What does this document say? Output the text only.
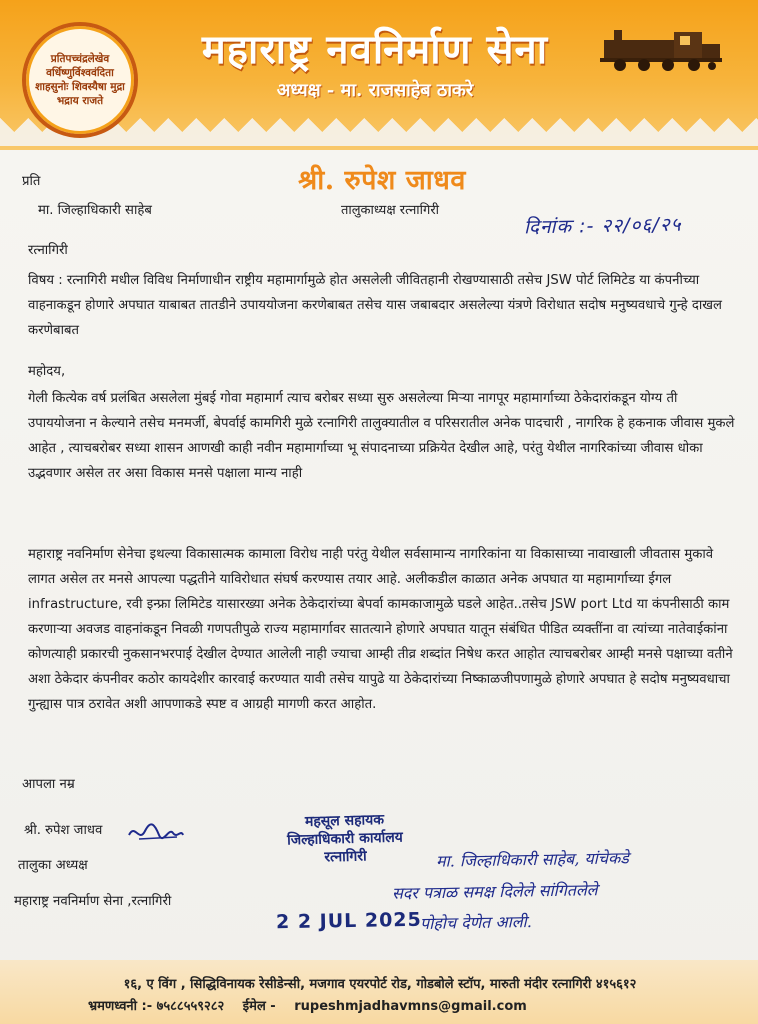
प्रतिपच्चंद्रलेखेव वर्धिष्णुर्विश्ववंदिता शाहसुनोः शिवस्यैषा मुद्रा भद्राय राजते
महाराष्ट्र नवनिर्माण सेना
अध्यक्ष - मा. राजसाहेब ठाकरे
श्री. रुपेश जाधव
तालुकाध्यक्ष रत्नागिरी
प्रति
मा. जिल्हाधिकारी साहेब
रत्नागिरी
दिनांक :- २२/०६/२५
विषय : रत्नागिरी मधील विविध निर्माणाधीन राष्ट्रीय महामार्गामुळे होत असलेली जीवितहानी रोखण्यासाठी तसेच JSW पोर्ट लिमिटेड या कंपनीच्या वाहनाकडून होणारे अपघात याबाबत तातडीने उपाययोजना करणेबाबत तसेच यास जबाबदार असलेल्या यंत्रणे विरोधात सदोष मनुष्यवधाचे गुन्हे दाखल करणेबाबत
महोदय,
गेली कित्येक वर्ष प्रलंबित असलेला मुंबई गोवा महामार्ग त्याच बरोबर सध्या सुरु असलेल्या मिऱ्या नागपूर महामार्गाच्या ठेकेदारांकडून योग्य ती उपाययोजना न केल्याने तसेच मनमर्जी, बेपर्वाई कामगिरी मुळे रत्नागिरी तालुक्यातील व परिसरातील अनेक पादचारी , नागरिक हे हकनाक जीवास मुकले आहेत , त्याचबरोबर सध्या शासन आणखी काही नवीन महामार्गाच्या भू संपादनाच्या प्रक्रियेत देखील आहे, परंतु येथील नागरिकांच्या जीवास धोका उद्भवणार असेल तर असा विकास मनसे पक्षाला मान्य नाही
महाराष्ट्र नवनिर्माण सेनेचा इथल्या विकासात्मक कामाला विरोध नाही परंतु येथील सर्वसामान्य नागरिकांना या विकासाच्या नावाखाली जीवतास मुकावे लागत असेल तर मनसे आपल्या पद्धतीने याविरोधात संघर्ष करण्यास तयार आहे. अलीकडील काळात अनेक अपघात या महामार्गाच्या ईगल infrastructure, रवी इन्फ्रा लिमिटेड यासारख्या अनेक ठेकेदारांच्या बेपर्वा कामकाजामुळे घडले आहेत..तसेच JSW port Ltd या कंपनीसाठी काम करणाऱ्या अवजड वाहनांकडून निवळी गणपतीपुळे राज्य महामार्गावर सातत्याने होणारे अपघात यातून संबंधित पीडित व्यक्तींना वा त्यांच्या नातेवाईकांना कोणत्याही प्रकारची नुकसानभरपाई देखील देण्यात आलेली नाही ज्याचा आम्ही तीव्र शब्दांत निषेध करत आहोत त्याचबरोबर आम्ही मनसे पक्षाच्या वतीने अशा ठेकेदार कंपनीवर कठोर कायदेशीर कारवाई करण्यात यावी तसेच यापुढे या ठेकेदारांच्या निष्काळजीपणामुळे होणारे अपघात हे सदोष मनुष्यवधाचा गुन्ह्यास पात्र ठरावेत अशी आपणाकडे स्पष्ट व आग्रही मागणी करत आहोत.
आपला नम्र
श्री. रुपेश जाधव
तालुका अध्यक्ष
महाराष्ट्र नवनिर्माण सेना ,रत्नागिरी
महसूल सहायक
जिल्हाधिकारी कार्यालय
रत्नागिरी
2 2 JUL 2025
मा. जिल्हाधिकारी साहेब, यांचेकडे
सदर पत्राळ समक्ष दिलेले सांगितलेले
पोहोच देणेत आली.
१६, ए विंग , सिद्धिविनायक रेसीडेन्सी, मजगाव एयरपोर्ट रोड, गोडबोले स्टॉप, मारुती मंदीर रत्नागिरी ४१५६१२
भ्रमणध्वनी :- ७५८८५५९२८२ ईमेल - rupeshmjadhavmns@gmail.com
